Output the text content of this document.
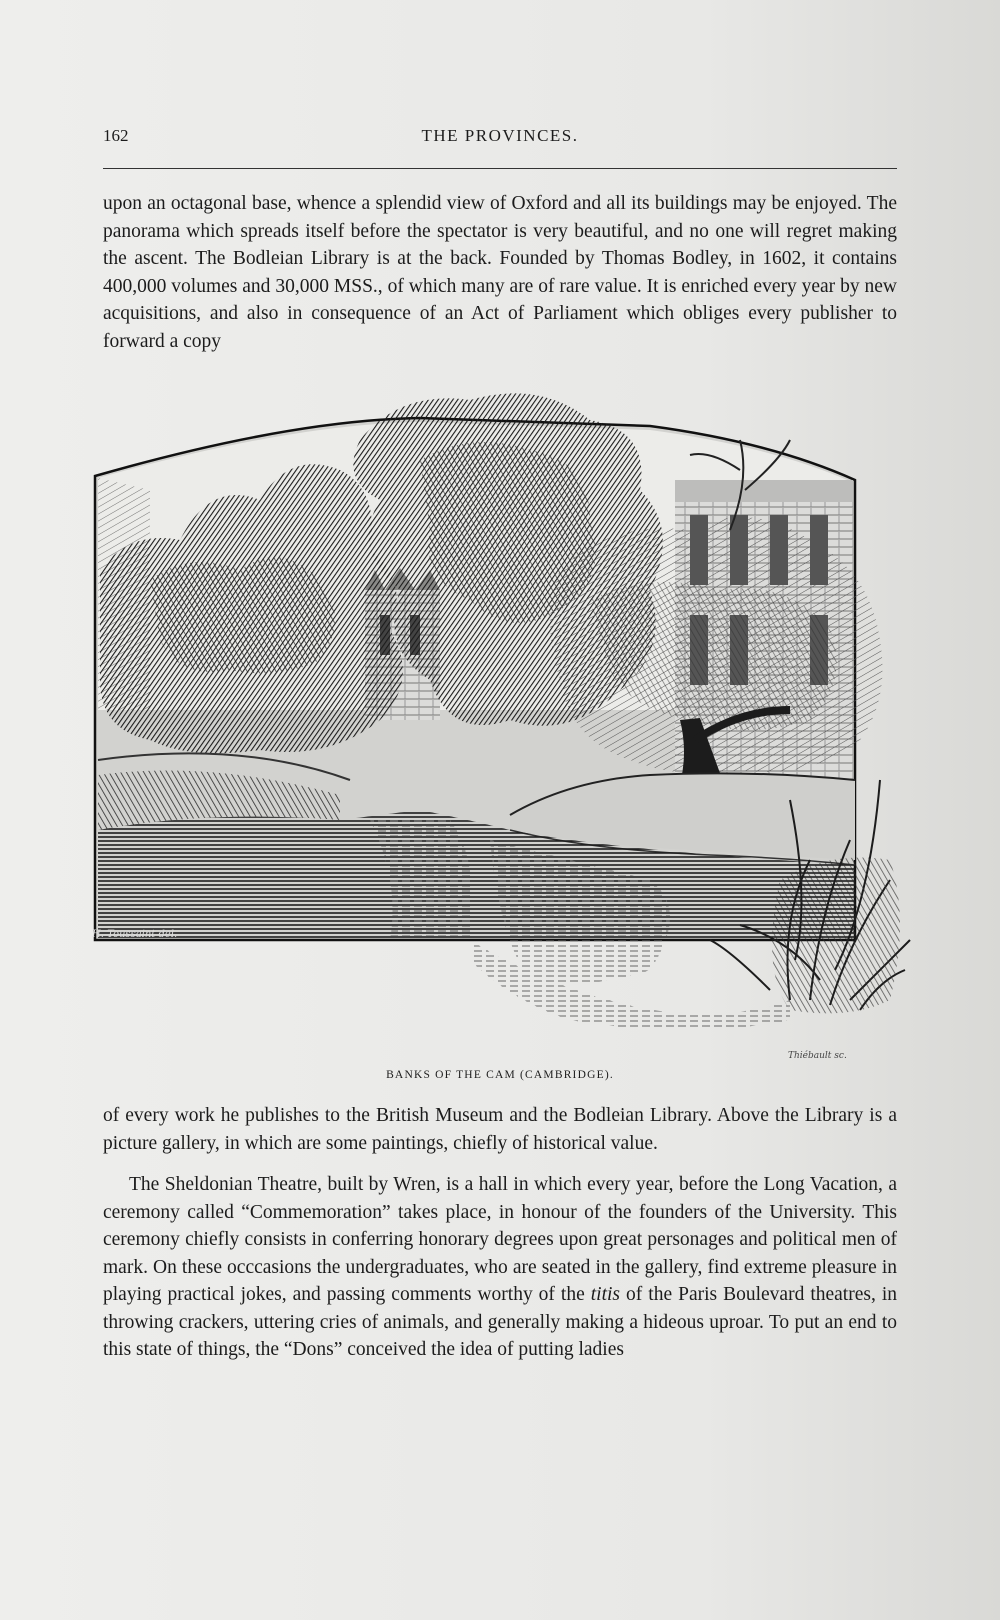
162	THE PROVINCES.

upon an octagonal base, whence a splendid view of Oxford and all its buildings may be enjoyed. The panorama which spreads itself before the spectator is very beautiful, and no one will regret making the ascent. The Bodleian Library is at the back. Founded by Thomas Bodley, in 1602, it contains 400,000 volumes and 30,000 MSS., of which many are of rare value. It is enriched every year by new acquisitions, and also in consequence of an Act of Parliament which obliges every publisher to forward a copy

H. Toussaint del.
Thiébault sc.
BANKS OF THE CAM (CAMBRIDGE).

of every work he publishes to the British Museum and the Bodleian Library. Above the Library is a picture gallery, in which are some paintings, chiefly of historical value.

The Sheldonian Theatre, built by Wren, is a hall in which every year, before the Long Vacation, a ceremony called “Commemoration” takes place, in honour of the founders of the University. This ceremony chiefly consists in conferring honorary degrees upon great personages and political men of mark. On these occcasions the undergraduates, who are seated in the gallery, find extreme pleasure in playing practical jokes, and passing comments worthy of the titis of the Paris Boulevard theatres, in throwing crackers, uttering cries of animals, and generally making a hideous uproar. To put an end to this state of things, the “Dons” conceived the idea of putting ladies
